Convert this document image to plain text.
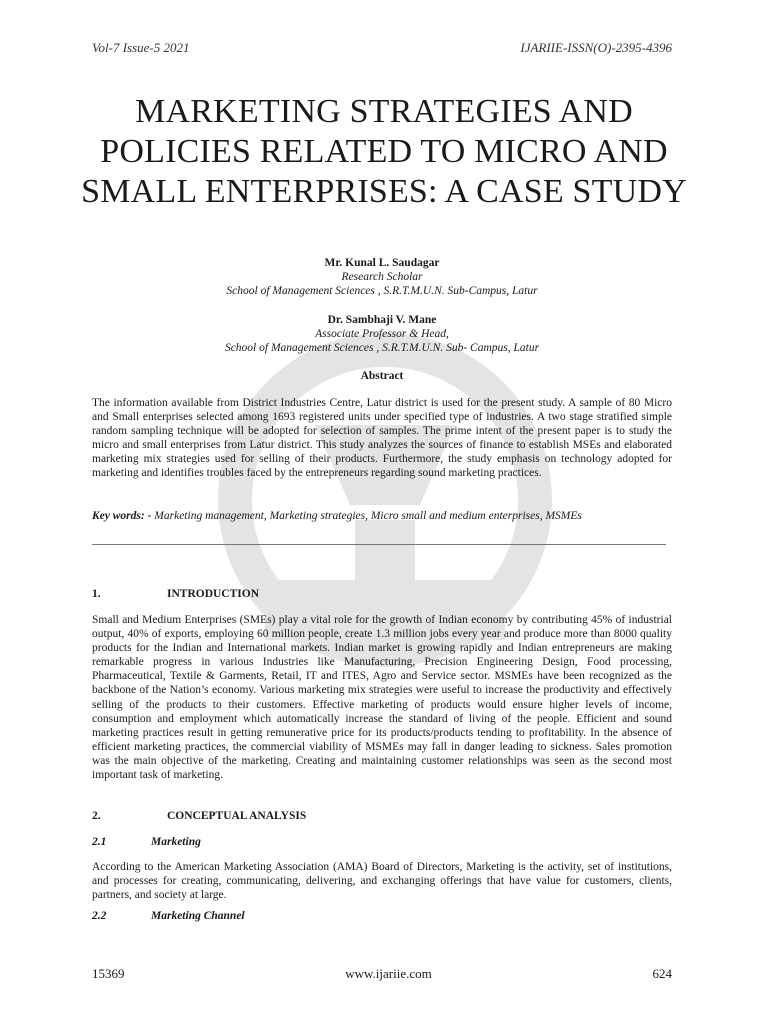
Vol-7 Issue-5 2021	IJARIIE-ISSN(O)-2395-4396
MARKETING STRATEGIES AND POLICIES RELATED TO MICRO AND SMALL ENTERPRISES: A CASE STUDY
Mr. Kunal L. Saudagar
Research Scholar
School of Management Sciences , S.R.T.M.U.N. Sub-Campus, Latur
Dr. Sambhaji V. Mane
Associate Professor & Head,
School of Management Sciences , S.R.T.M.U.N. Sub- Campus, Latur
Abstract

The information available from District Industries Centre, Latur district is used for the present study. A sample of 80 Micro and Small enterprises selected among 1693 registered units under specified type of industries. A two stage stratified simple random sampling technique will be adopted for selection of samples. The prime intent of the present paper is to study the micro and small enterprises from Latur district. This study analyzes the sources of finance to establish MSEs and elaborated marketing mix strategies used for selling of their products. Furthermore, the study emphasis on technology adopted for marketing and identifies troubles faced by the entrepreneurs regarding sound marketing practices.

Key words: - Marketing management, Marketing strategies, Micro small and medium enterprises, MSMEs
1.	INTRODUCTION

Small and Medium Enterprises (SMEs) play a vital role for the growth of Indian economy by contributing 45% of industrial output, 40% of exports, employing 60 million people, create 1.3 million jobs every year and produce more than 8000 quality products for the Indian and International markets. Indian market is growing rapidly and Indian entrepreneurs are making remarkable progress in various Industries like Manufacturing, Precision Engineering Design, Food processing, Pharmaceutical, Textile & Garments, Retail, IT and ITES, Agro and Service sector. MSMEs have been recognized as the backbone of the Nation’s economy. Various marketing mix strategies were useful to increase the productivity and effectively selling of the products to their customers. Effective marketing of products would ensure higher levels of income, consumption and employment which automatically increase the standard of living of the people. Efficient and sound marketing practices result in getting remunerative price for its products/products tending to profitability. In the absence of efficient marketing practices, the commercial viability of MSMEs may fall in danger leading to sickness. Sales promotion was the main objective of the marketing. Creating and maintaining customer relationships was seen as the second most important task of marketing.

2.	CONCEPTUAL ANALYSIS
2.1	Marketing

According to the American Marketing Association (AMA) Board of Directors, Marketing is the activity, set of institutions, and processes for creating, communicating, delivering, and exchanging offerings that have value for customers, clients, partners, and society at large.

2.2	Marketing Channel
15369	www.ijariie.com	624
